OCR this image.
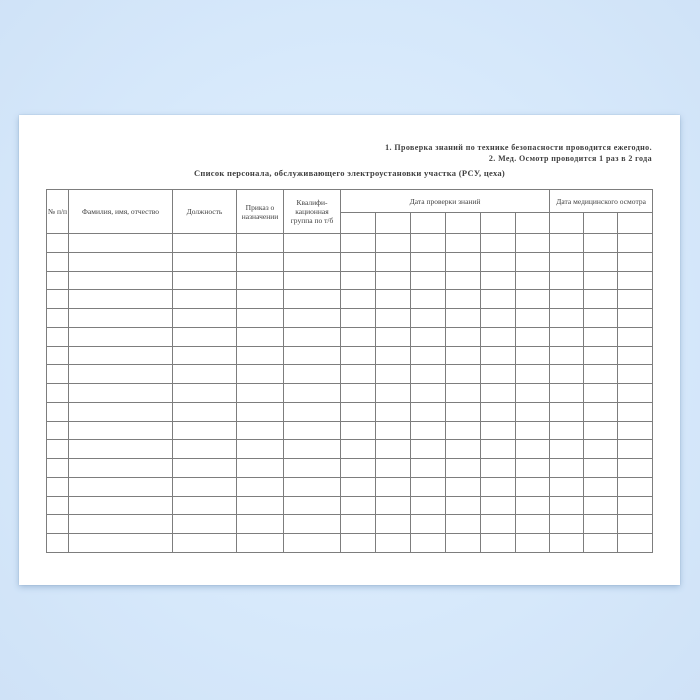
1. Проверка знаний по технике безопасности проводится ежегодно.
2. Мед. Осмотр проводится 1 раз в 2 года
Список персонала, обслуживающего электроустановки участка (РСУ, цеха)
№ п/п	Фамилия, имя, отчество	Должность	Приказ о назначении	Квалифи-кационная группа по т/б	Дата проверки знаний						Дата медицинского осмотра		
